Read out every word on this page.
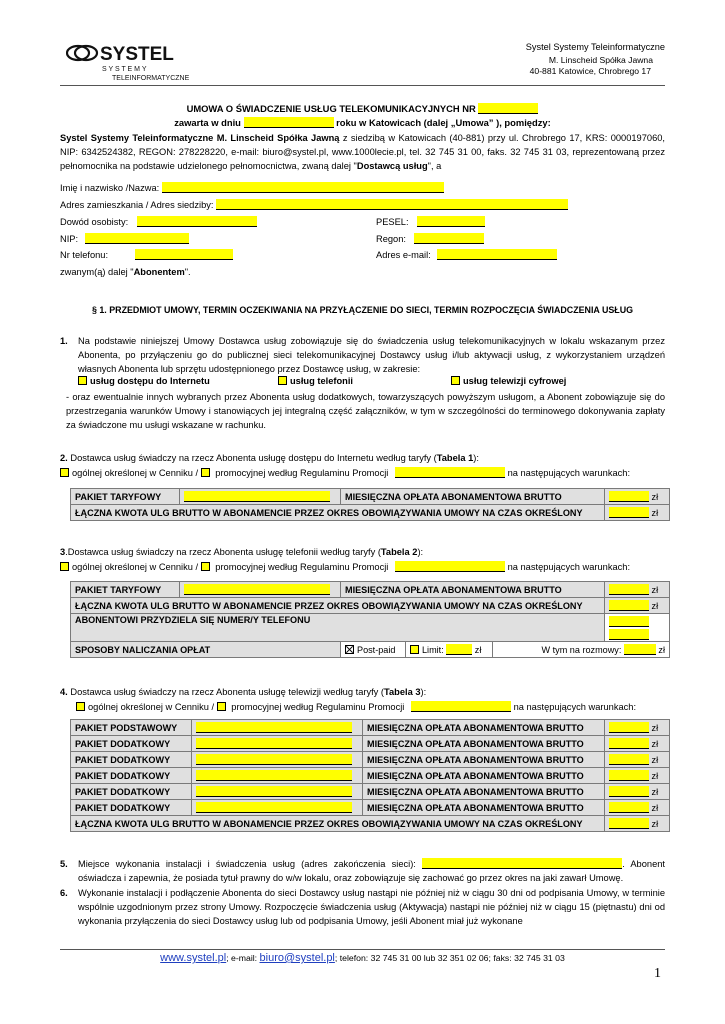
SYSTEL
S Y S T E M Y
TELEINFORMATYCZNE
Systel Systemy Teleinformatyczne
M. Linscheid Spółka Jawna
40-881 Katowice, Chrobrego 17
UMOWA O ŚWIADCZENIE USŁUG TELEKOMUNIKACYJNYCH NR
zawarta w dniu	roku w Katowicach (dalej „Umowa” ), pomiędzy:
Systel Systemy Teleinformatyczne M. Linscheid Spółka Jawną z siedzibą w Katowicach (40-881) przy ul. Chrobrego 17, KRS: 0000197060, NIP: 6342524382, REGON: 278228220, e-mail: biuro@systel.pl, www.1000lecie.pl, tel. 32 745 31 00, faks. 32 745 31 03, reprezentowaną przez pełnomocnika na podstawie udzielonego pełnomocnictwa, zwaną dalej "Dostawcą usług", a
Imię i nazwisko /Nazwa:
Adres zamieszkania / Adres siedziby:
Dowód osobisty:	PESEL:
NIP:	Regon:
Nr telefonu:	Adres e-mail:
zwanym(ą) dalej "Abonentem".
§ 1. PRZEDMIOT UMOWY, TERMIN OCZEKIWANIA NA PRZYŁĄCZENIE DO SIECI, TERMIN ROZPOCZĘCIA ŚWIADCZENIA USŁUG
1. Na podstawie niniejszej Umowy Dostawca usług zobowiązuje się do świadczenia usług telekomunikacyjnych w lokalu wskazanym przez Abonenta, po przyłączeniu go do publicznej sieci telekomunikacyjnej Dostawcy usług i/lub aktywacji usług, z wykorzystaniem urządzeń własnych Abonenta lub sprzętu udostępnionego przez Dostawcę usług, w zakresie:
usług dostępu do Internetu	usług telefonii	usług telewizji cyfrowej
- oraz ewentualnie innych wybranych przez Abonenta usług dodatkowych, towarzyszących powyższym usługom, a Abonent zobowiązuje się do przestrzegania warunków Umowy i stanowiących jej integralną część załączników, w tym w szczególności do terminowego dokonywania zapłaty za świadczone mu usługi wskazane w rachunku.
2. Dostawca usług świadczy na rzecz Abonenta usługę dostępu do Internetu według taryfy (Tabela 1):
ogólnej określonej w Cenniku /  promocyjnej według Regulaminu Promocji	na następujących warunkach:
PAKIET TARYFOWY		MIESIĘCZNA OPŁATA ABONAMENTOWA BRUTTO	zł
ŁĄCZNA KWOTA ULG BRUTTO W ABONAMENCIE PRZEZ OKRES OBOWIĄZYWANIA UMOWY NA CZAS OKREŚLONY			zł
3.Dostawca usług świadczy na rzecz Abonenta usługę telefonii według taryfy (Tabela 2):
ogólnej określonej w Cenniku /  promocyjnej według Regulaminu Promocji	na następujących warunkach:
PAKIET TARYFOWY		MIESIĘCZNA OPŁATA ABONAMENTOWA BRUTTO			zł
ŁĄCZNA KWOTA ULG BRUTTO W ABONAMENCIE PRZEZ OKRES OBOWIĄZYWANIA UMOWY NA CZAS OKREŚLONY					zł
ABONENTOWI PRZYDZIELA SIĘ NUMER/Y TELEFONU					

SPOSOBY NALICZANIA OPŁAT		Post-paid	Limit: zł	W tym na rozmowy: zł	
4. Dostawca usług świadczy na rzecz Abonenta usługę telewizji według taryfy (Tabela 3):
ogólnej określonej w Cenniku /  promocyjnej według Regulaminu Promocji	na następujących warunkach:
PAKIET PODSTAWOWY		MIESIĘCZNA OPŁATA ABONAMENTOWA BRUTTO	zł
PAKIET DODATKOWY		MIESIĘCZNA OPŁATA ABONAMENTOWA BRUTTO	zł
PAKIET DODATKOWY		MIESIĘCZNA OPŁATA ABONAMENTOWA BRUTTO	zł
PAKIET DODATKOWY		MIESIĘCZNA OPŁATA ABONAMENTOWA BRUTTO	zł
PAKIET DODATKOWY		MIESIĘCZNA OPŁATA ABONAMENTOWA BRUTTO	zł
PAKIET DODATKOWY		MIESIĘCZNA OPŁATA ABONAMENTOWA BRUTTO	zł
ŁĄCZNA KWOTA ULG BRUTTO W ABONAMENCIE PRZEZ OKRES OBOWIĄZYWANIA UMOWY NA CZAS OKREŚLONY			zł
5. Miejsce wykonania instalacji i świadczenia usług (adres zakończenia sieci):	. Abonent oświadcza i zapewnia, że posiada tytuł prawny do w/w lokalu, oraz zobowiązuje się zachować go przez okres na jaki zawarł Umowę.
6. Wykonanie instalacji i podłączenie Abonenta do sieci Dostawcy usług nastąpi nie później niż w ciągu 30 dni od podpisania Umowy, w terminie wspólnie uzgodnionym przez strony Umowy. Rozpoczęcie świadczenia usług (Aktywacja) nastąpi nie później niż w ciągu 15 (piętnastu) dni od wykonania przyłączenia do sieci Dostawcy usług lub od podpisania Umowy, jeśli Abonent miał już wykonane
www.systel.pl; e-mail: biuro@systel.pl; telefon: 32 745 31 00 lub 32 351 02 06; faks: 32 745 31 03
1
